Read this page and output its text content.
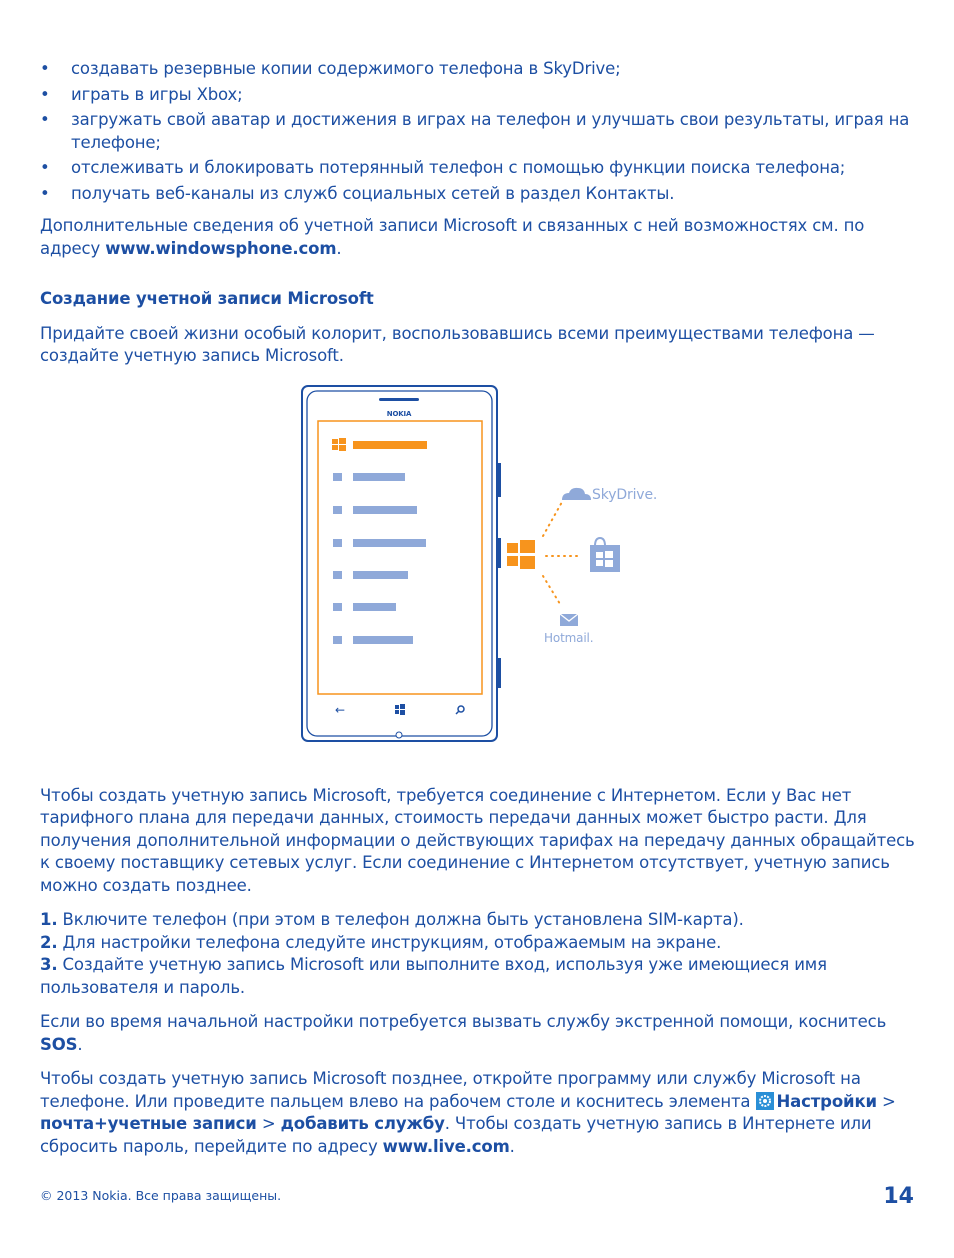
• создавать резервные копии содержимого телефона в SkyDrive;
• играть в игры Xbox;
• загружать свой аватар и достижения в играх на телефон и улучшать свои результаты, играя на телефоне;
• отслеживать и блокировать потерянный телефон с помощью функции поиска телефона;
• получать веб-каналы из служб социальных сетей в раздел Контакты.

Дополнительные сведения об учетной записи Microsoft и связанных с ней возможностях см. по адресу www.windowsphone.com.

Создание учетной записи Microsoft

Придайте своей жизни особый колорит, воспользовавшись всеми преимуществами телефона — создайте учетную запись Microsoft.

NOKIA
←
SkyDrive.
Hotmail.

Чтобы создать учетную запись Microsoft, требуется соединение с Интернетом. Если у Вас нет тарифного плана для передачи данных, стоимость передачи данных может быстро расти. Для получения дополнительной информации о действующих тарифах на передачу данных обращайтесь к своему поставщику сетевых услуг. Если соединение с Интернетом отсутствует, учетную запись можно создать позднее.

1. Включите телефон (при этом в телефон должна быть установлена SIM-карта).

2. Для настройки телефона следуйте инструкциям, отображаемым на экране.

3. Создайте учетную запись Microsoft или выполните вход, используя уже имеющиеся имя пользователя и пароль.

Если во время начальной настройки потребуется вызвать службу экстренной помощи, коснитесь SOS.

Чтобы создать учетную запись Microsoft позднее, откройте программу или службу Microsoft на телефоне. Или проведите пальцем влево на рабочем столе и коснитесь элемента Настройки > почта+учетные записи > добавить службу. Чтобы создать учетную запись в Интернете или сбросить пароль, перейдите по адресу www.live.com.

© 2013 Nokia. Все права защищены.	14
